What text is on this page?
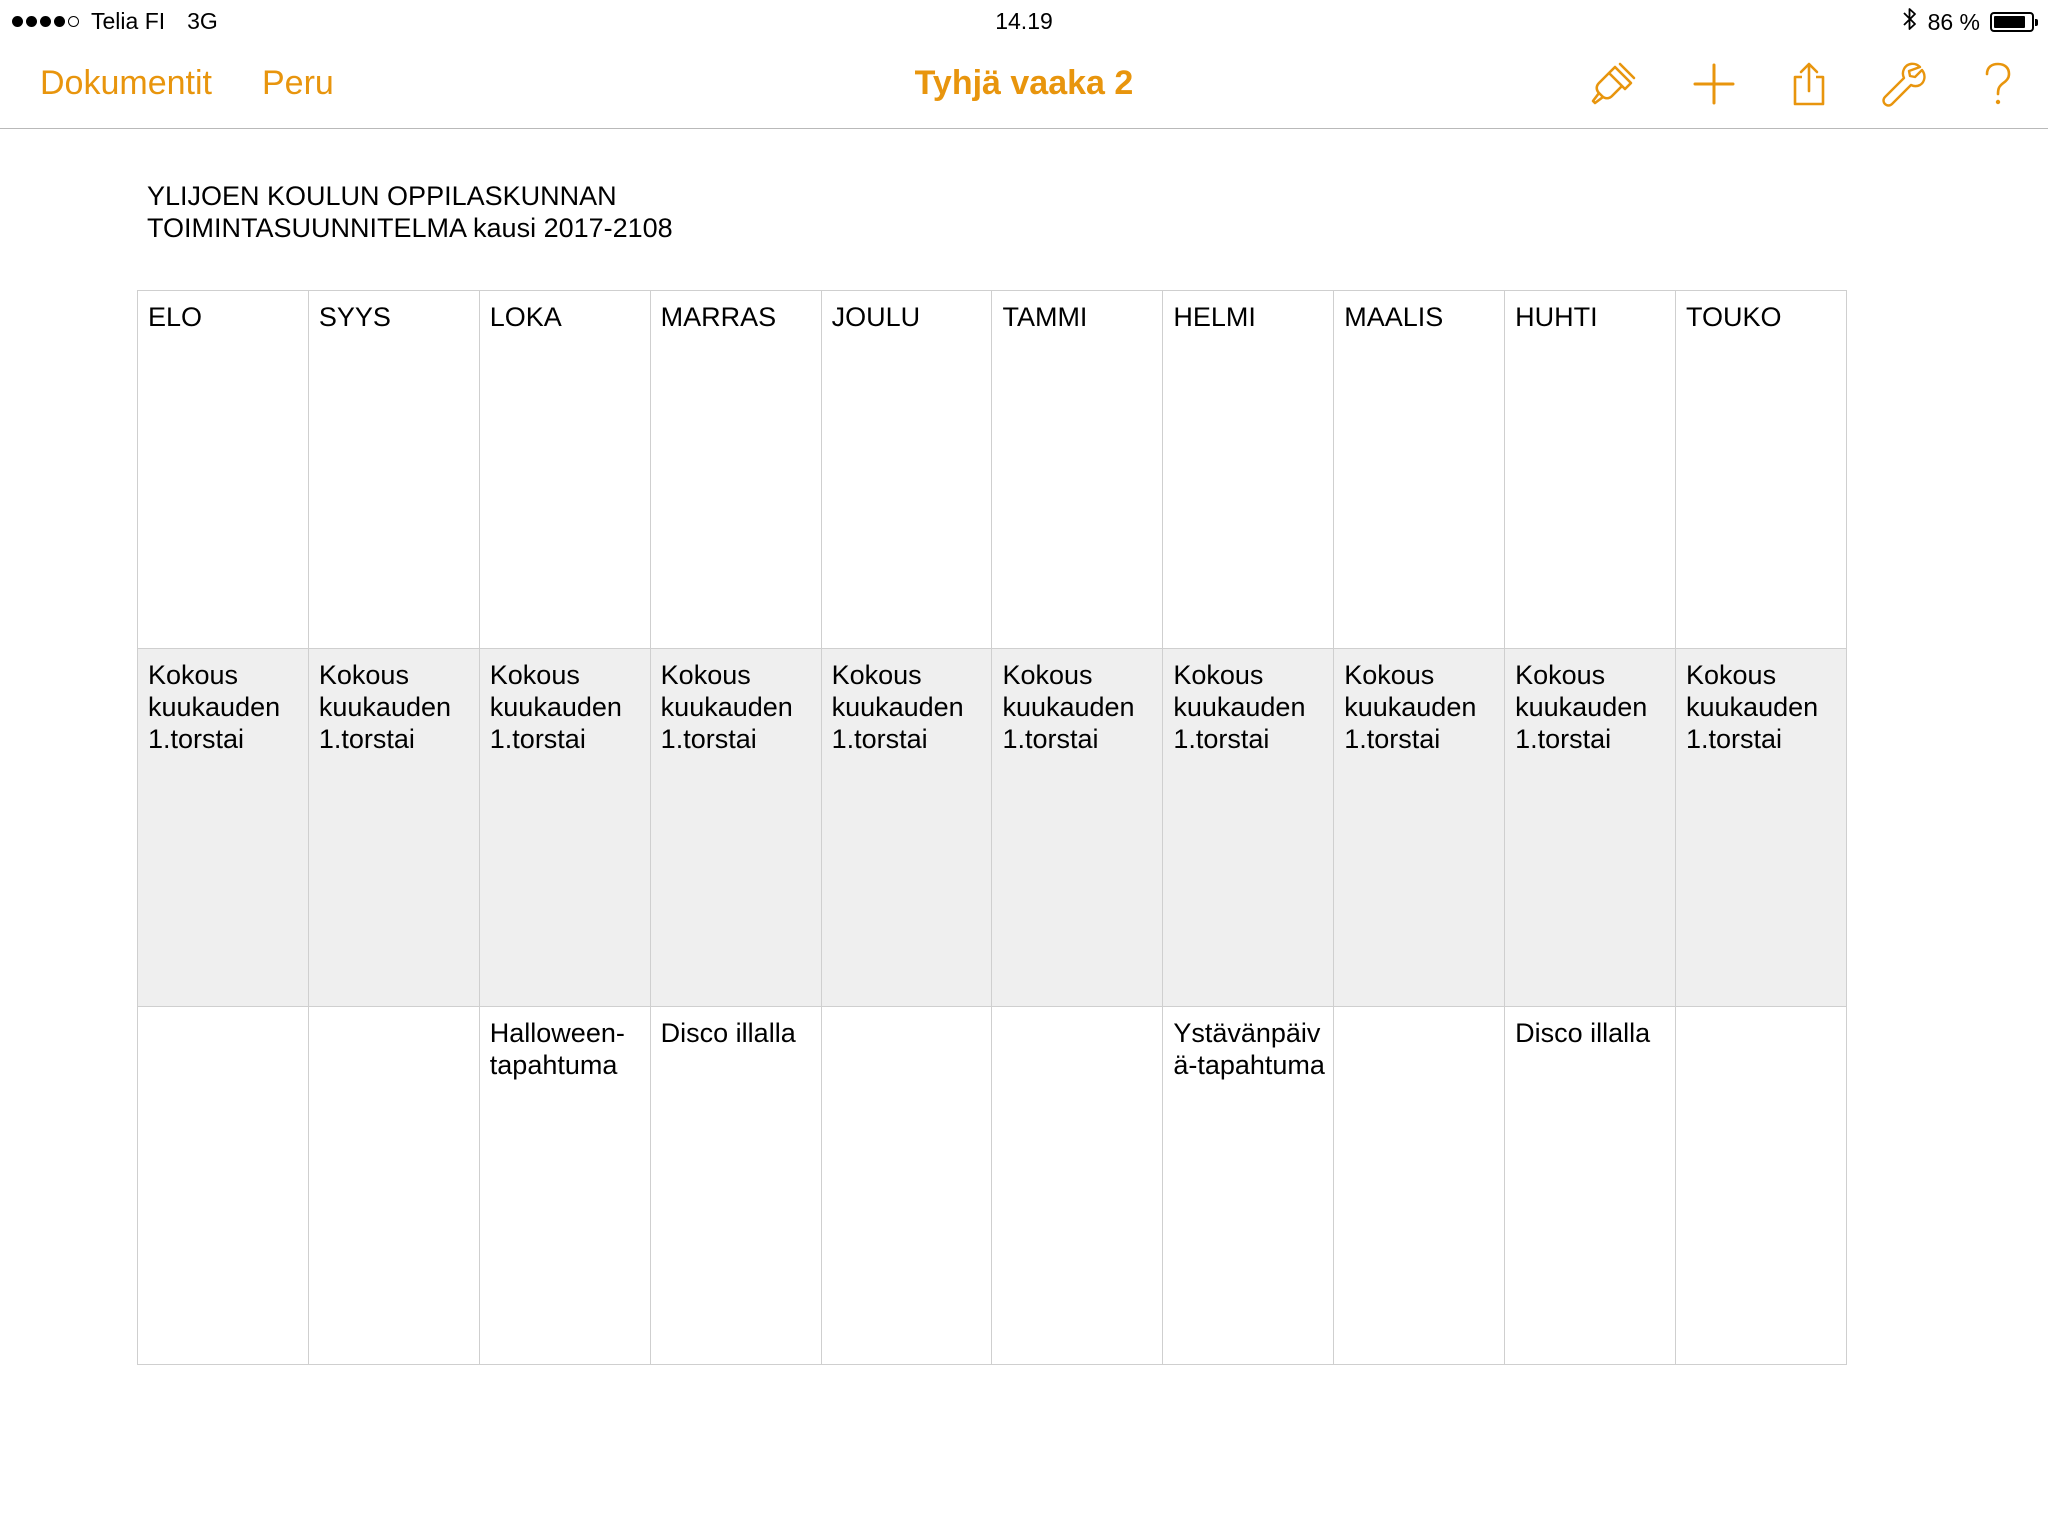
Telia FI 3G	14.19	86 %
Dokumentit Peru	Tyhjä vaaka 2
YLIJOEN KOULUN OPPILASKUNNAN
TOIMINTASUUNNITELMA kausi 2017-2108
ELO	SYYS	LOKA	MARRAS	JOULU	TAMMI	HELMI	MAALIS	HUHTI	TOUKO
Kokous kuukauden 1.torstai	Kokous kuukauden 1.torstai	Kokous kuukauden 1.torstai	Kokous kuukauden 1.torstai	Kokous kuukauden 1.torstai	Kokous kuukauden 1.torstai	Kokous kuukauden 1.torstai	Kokous kuukauden 1.torstai	Kokous kuukauden 1.torstai	Kokous kuukauden 1.torstai
		Halloween-tapahtuma	Disco illalla			Ystävänpäivä-tapahtuma		Disco illalla	
